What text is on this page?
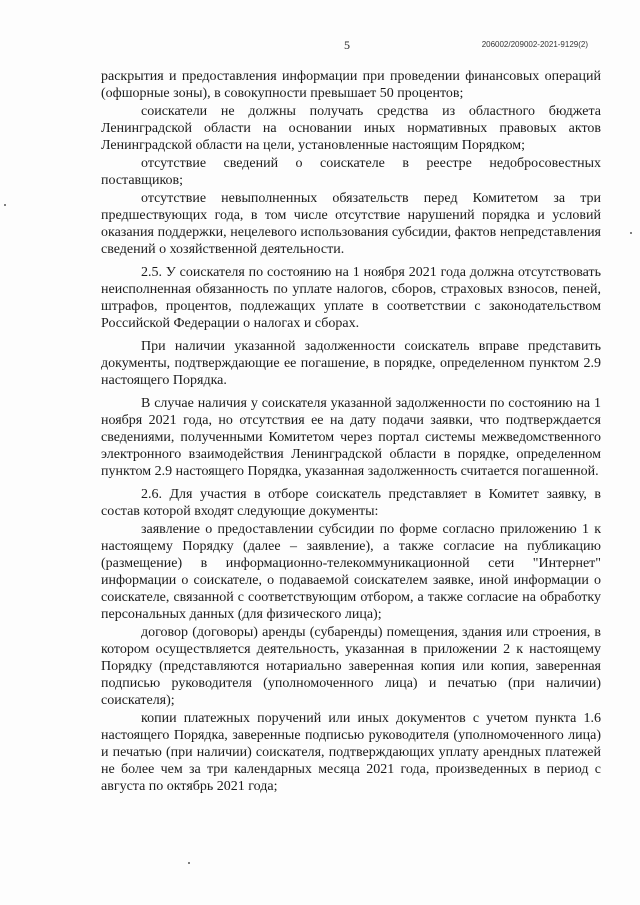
5	206002/209002-2021-9129(2)

раскрытия и предоставления информации при проведении финансовых операций (офшорные зоны), в совокупности превышает 50 процентов;

соискатели не должны получать средства из областного бюджета Ленинградской области на основании иных нормативных правовых актов Ленинградской области на цели, установленные настоящим Порядком;

отсутствие сведений о соискателе в реестре недобросовестных поставщиков;

отсутствие невыполненных обязательств перед Комитетом за три предшествующих года, в том числе отсутствие нарушений порядка и условий оказания поддержки, нецелевого использования субсидии, фактов непредставления сведений о хозяйственной деятельности.

2.5. У соискателя по состоянию на 1 ноября 2021 года должна отсутствовать неисполненная обязанность по уплате налогов, сборов, страховых взносов, пеней, штрафов, процентов, подлежащих уплате в соответствии с законодательством Российской Федерации о налогах и сборах.

При наличии указанной задолженности соискатель вправе представить документы, подтверждающие ее погашение, в порядке, определенном пунктом 2.9 настоящего Порядка.

В случае наличия у соискателя указанной задолженности по состоянию на 1 ноября 2021 года, но отсутствия ее на дату подачи заявки, что подтверждается сведениями, полученными Комитетом через портал системы межведомственного электронного взаимодействия Ленинградской области в порядке, определенном пунктом 2.9 настоящего Порядка, указанная задолженность считается погашенной.

2.6. Для участия в отборе соискатель представляет в Комитет заявку, в состав которой входят следующие документы:

заявление о предоставлении субсидии по форме согласно приложению 1 к настоящему Порядку (далее – заявление), а также согласие на публикацию (размещение) в информационно-телекоммуникационной сети "Интернет" информации о соискателе, о подаваемой соискателем заявке, иной информации о соискателе, связанной с соответствующим отбором, а также согласие на обработку персональных данных (для физического лица);

договор (договоры) аренды (субаренды) помещения, здания или строения, в котором осуществляется деятельность, указанная в приложении 2 к настоящему Порядку (представляются нотариально заверенная копия или копия, заверенная подписью руководителя (уполномоченного лица) и печатью (при наличии) соискателя);

копии платежных поручений или иных документов с учетом пункта 1.6 настоящего Порядка, заверенные подписью руководителя (уполномоченного лица) и печатью (при наличии) соискателя, подтверждающих уплату арендных платежей не более чем за три календарных месяца 2021 года, произведенных в период с августа по октябрь 2021 года;
